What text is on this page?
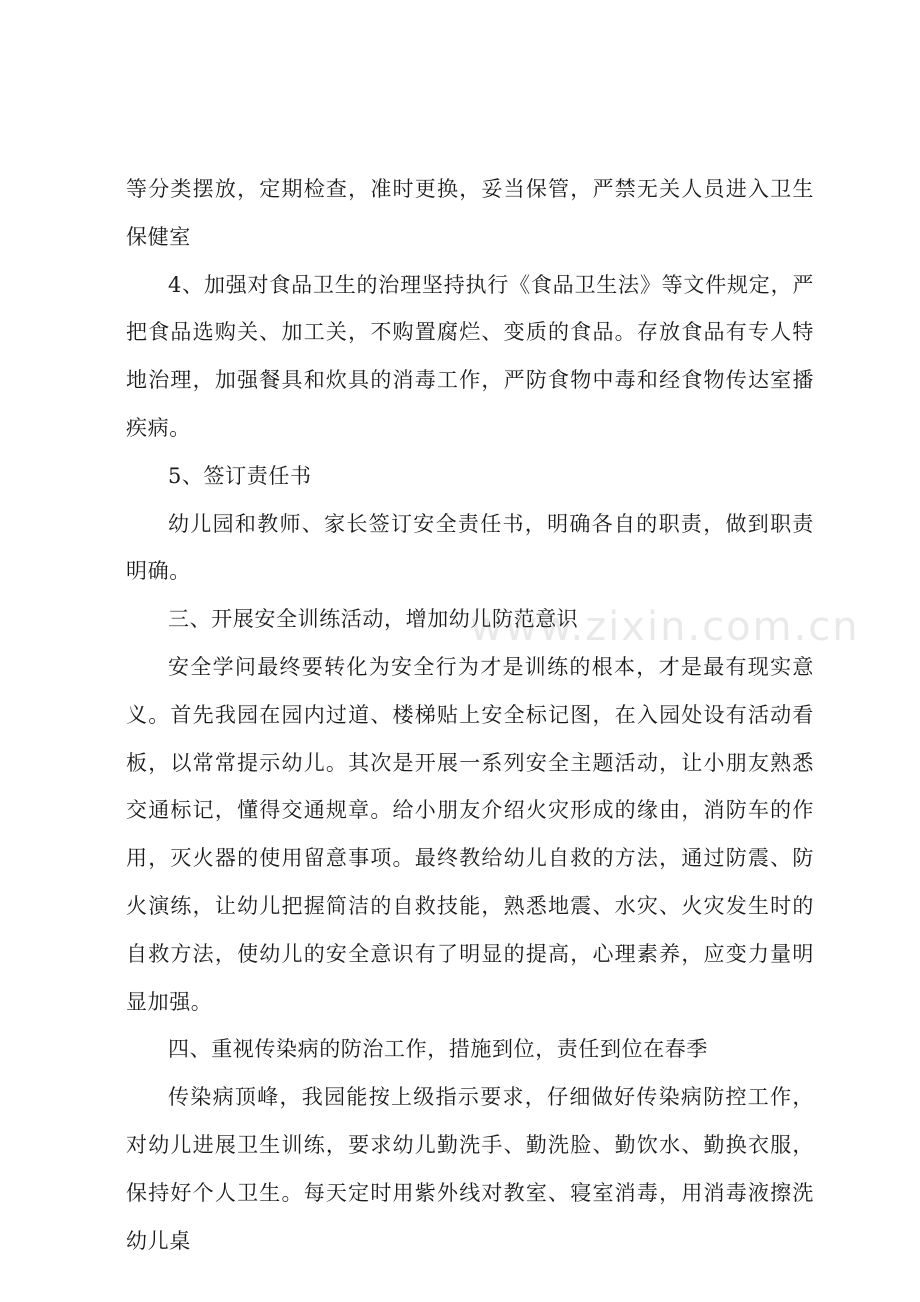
等分类摆放，定期检查，准时更换，妥当保管，严禁无关人员进入卫生保健室

4、加强对食品卫生的治理坚持执行《食品卫生法》等文件规定，严把食品选购关、加工关，不购置腐烂、变质的食品。存放食品有专人特地治理，加强餐具和炊具的消毒工作，严防食物中毒和经食物传达室播疾病。

5、签订责任书

幼儿园和教师、家长签订安全责任书，明确各自的职责，做到职责明确。

三、开展安全训练活动，增加幼儿防范意识

安全学问最终要转化为安全行为才是训练的根本，才是最有现实意义。首先我园在园内过道、楼梯贴上安全标记图，在入园处设有活动看板，以常常提示幼儿。其次是开展一系列安全主题活动，让小朋友熟悉交通标记，懂得交通规章。给小朋友介绍火灾形成的缘由，消防车的作用，灭火器的使用留意事项。最终教给幼儿自救的方法，通过防震、防火演练，让幼儿把握简洁的自救技能，熟悉地震、水灾、火灾发生时的自救方法，使幼儿的安全意识有了明显的提高，心理素养，应变力量明显加强。

四、重视传染病的防治工作，措施到位，责任到位在春季

传染病顶峰，我园能按上级指示要求，仔细做好传染病防控工作，对幼儿进展卫生训练，要求幼儿勤洗手、勤洗脸、勤饮水、勤换衣服，保持好个人卫生。每天定时用紫外线对教室、寝室消毒，用消毒液擦洗幼儿桌
